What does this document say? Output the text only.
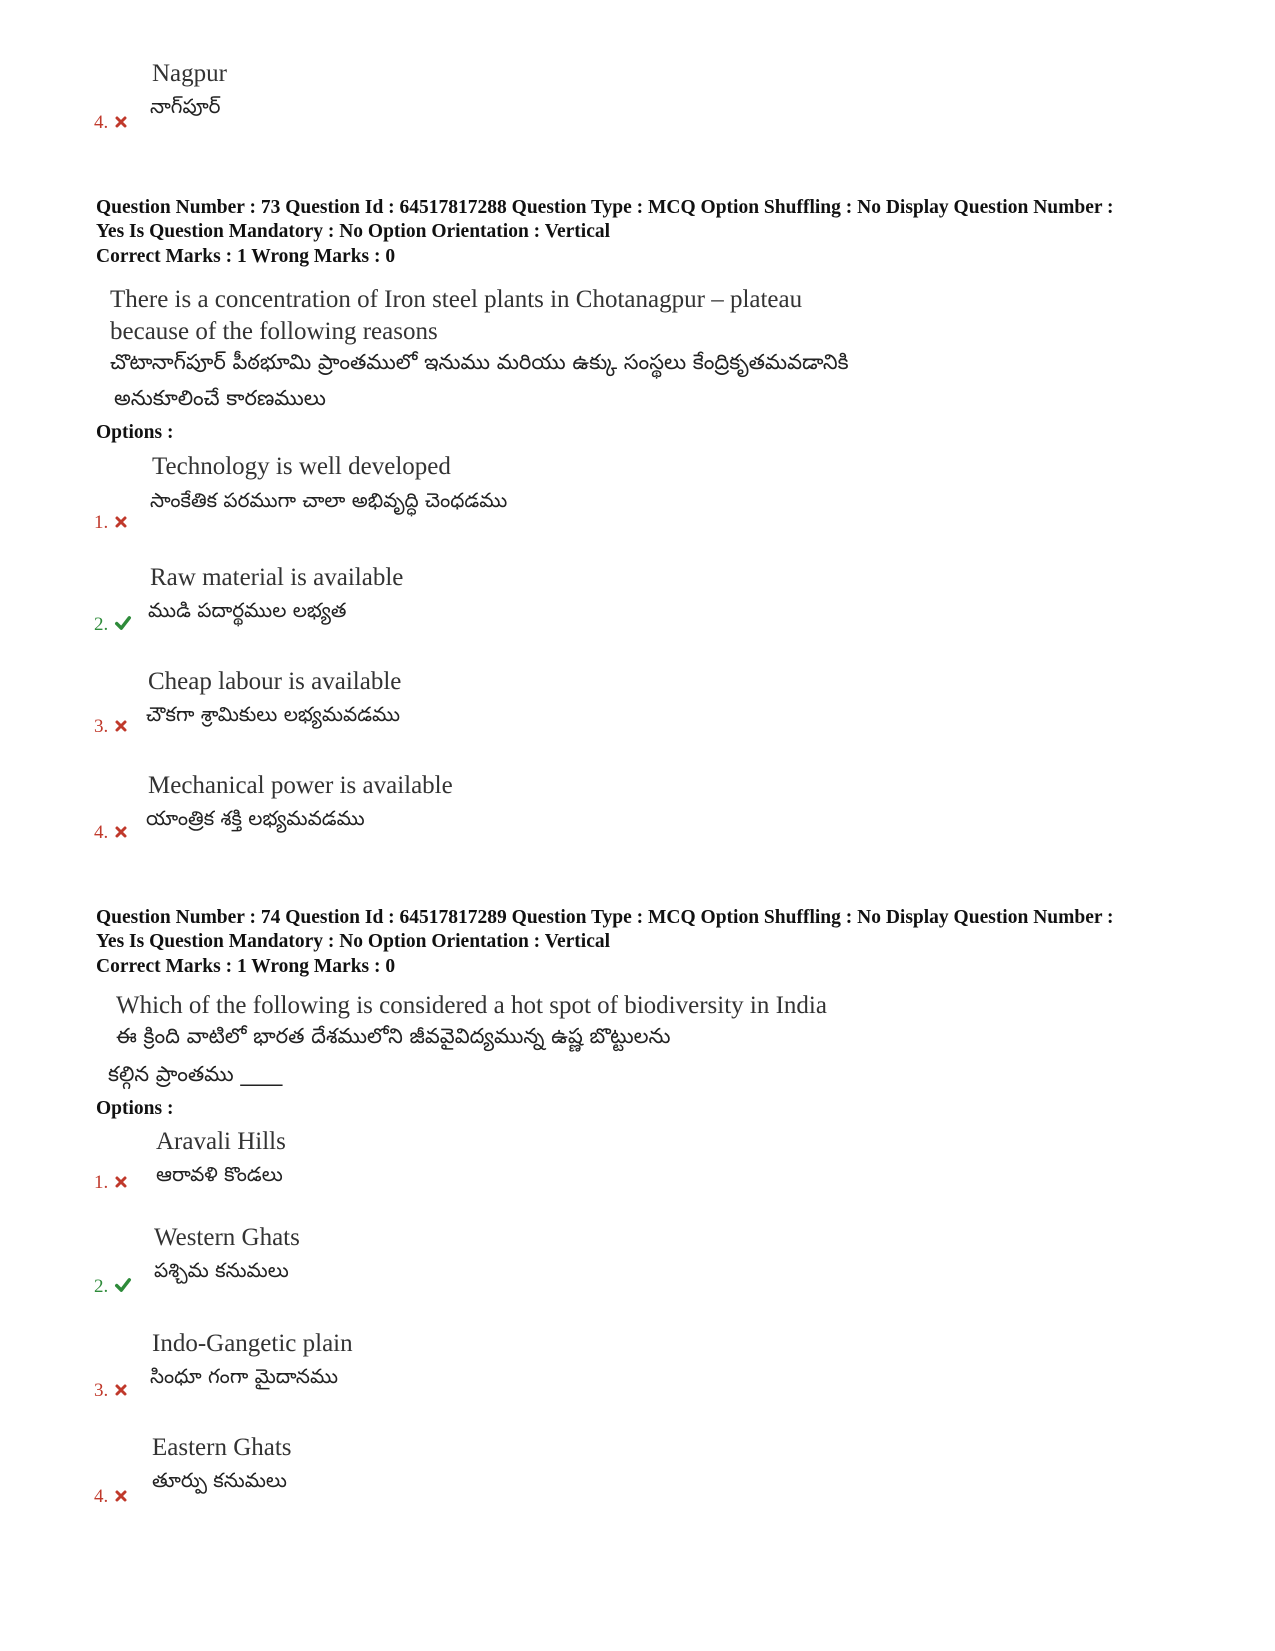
Nagpur
నాగ్‌పూర్
4.
Question Number : 73 Question Id : 64517817288 Question Type : MCQ Option Shuffling : No Display Question Number :
Yes Is Question Mandatory : No Option Orientation : Vertical
Correct Marks : 1 Wrong Marks : 0
There is a concentration of Iron steel plants in Chotanagpur – plateau
because of the following reasons
చొటానాగ్‌పూర్ పీఠభూమి ప్రాంతములో ఇనుము మరియు ఉక్కు సంస్థలు కేంద్రికృతమవడానికి
అనుకూలించే కారణములు
Options :
Technology is well developed
సాంకేతిక పరముగా చాలా అభివృద్ధి చెంధడము
1.
Raw material is available
ముడి పదార్థముల లభ్యత
2.
Cheap labour is available
చౌకగా శ్రామికులు లభ్యమవడము
3.
Mechanical power is available
యాంత్రిక శక్తి లభ్యమవడము
4.
Question Number : 74 Question Id : 64517817289 Question Type : MCQ Option Shuffling : No Display Question Number :
Yes Is Question Mandatory : No Option Orientation : Vertical
Correct Marks : 1 Wrong Marks : 0
Which of the following is considered a hot spot of biodiversity in India
ఈ క్రింది వాటిలో భారత దేశములోని జీవవైవిద్యమున్న ఉష్ణ బొట్టులను
కల్గిన ప్రాంతము ____
Options :
Aravali Hills
ఆరావళి కొండలు
1.
Western Ghats
పశ్చిమ కనుమలు
2.
Indo-Gangetic plain
సింధూ గంగా మైదానము
3.
Eastern Ghats
తూర్పు కనుమలు
4.
